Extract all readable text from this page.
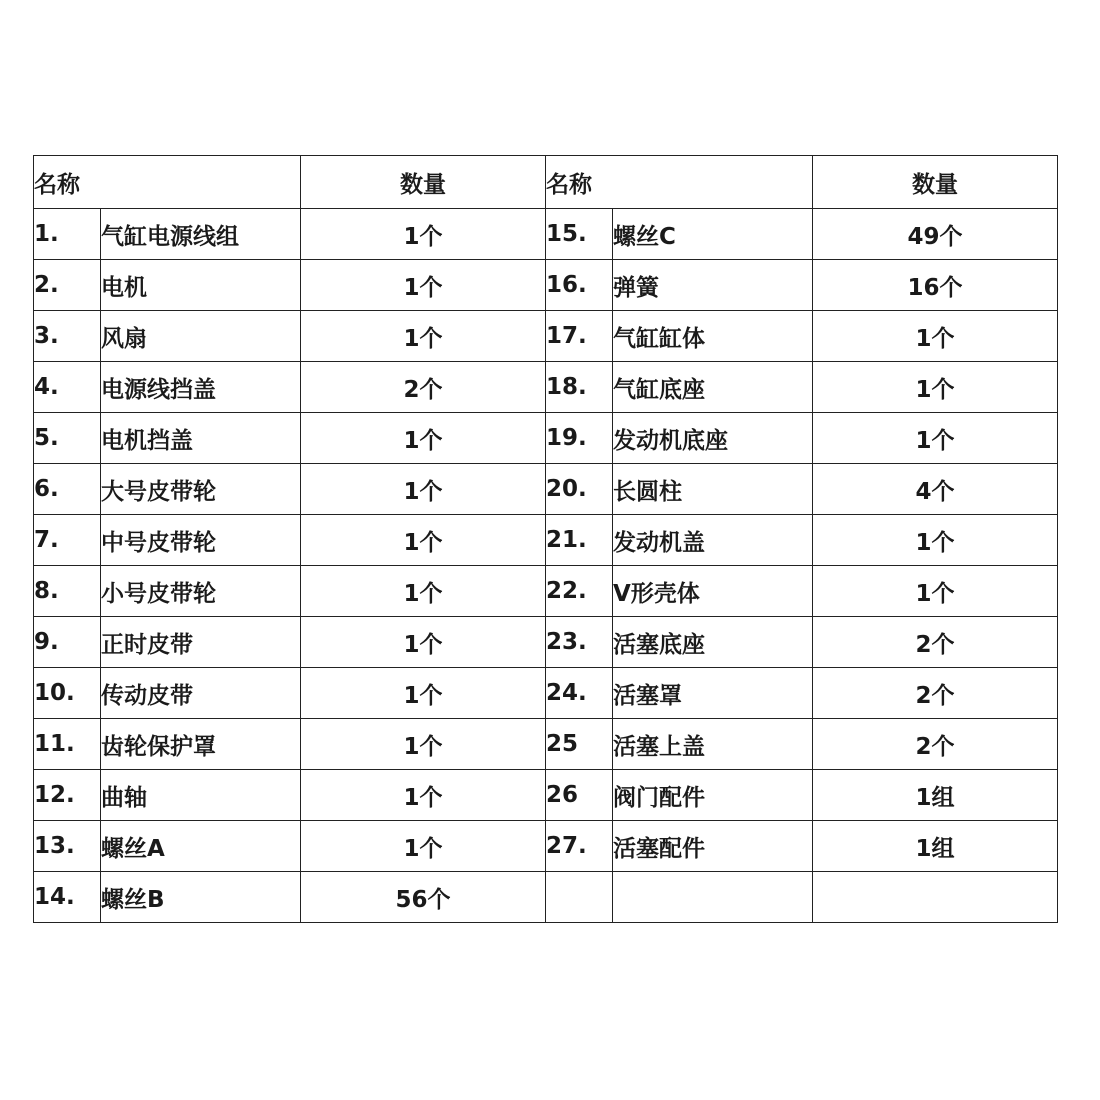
名称		数量	名称		数量
1.	气缸电源线组	1个	15.	螺丝C	49个
2.	电机	1个	16.	弹簧	16个
3.	风扇	1个	17.	气缸缸体	1个
4.	电源线挡盖	2个	18.	气缸底座	1个
5.	电机挡盖	1个	19.	发动机底座	1个
6.	大号皮带轮	1个	20.	长圆柱	4个
7.	中号皮带轮	1个	21.	发动机盖	1个
8.	小号皮带轮	1个	22.	V形壳体	1个
9.	正时皮带	1个	23.	活塞底座	2个
10.	传动皮带	1个	24.	活塞罩	2个
11.	齿轮保护罩	1个	25	活塞上盖	2个
12.	曲轴	1个	26	阀门配件	1组
13.	螺丝A	1个	27.	活塞配件	1组
14.	螺丝B	56个			
